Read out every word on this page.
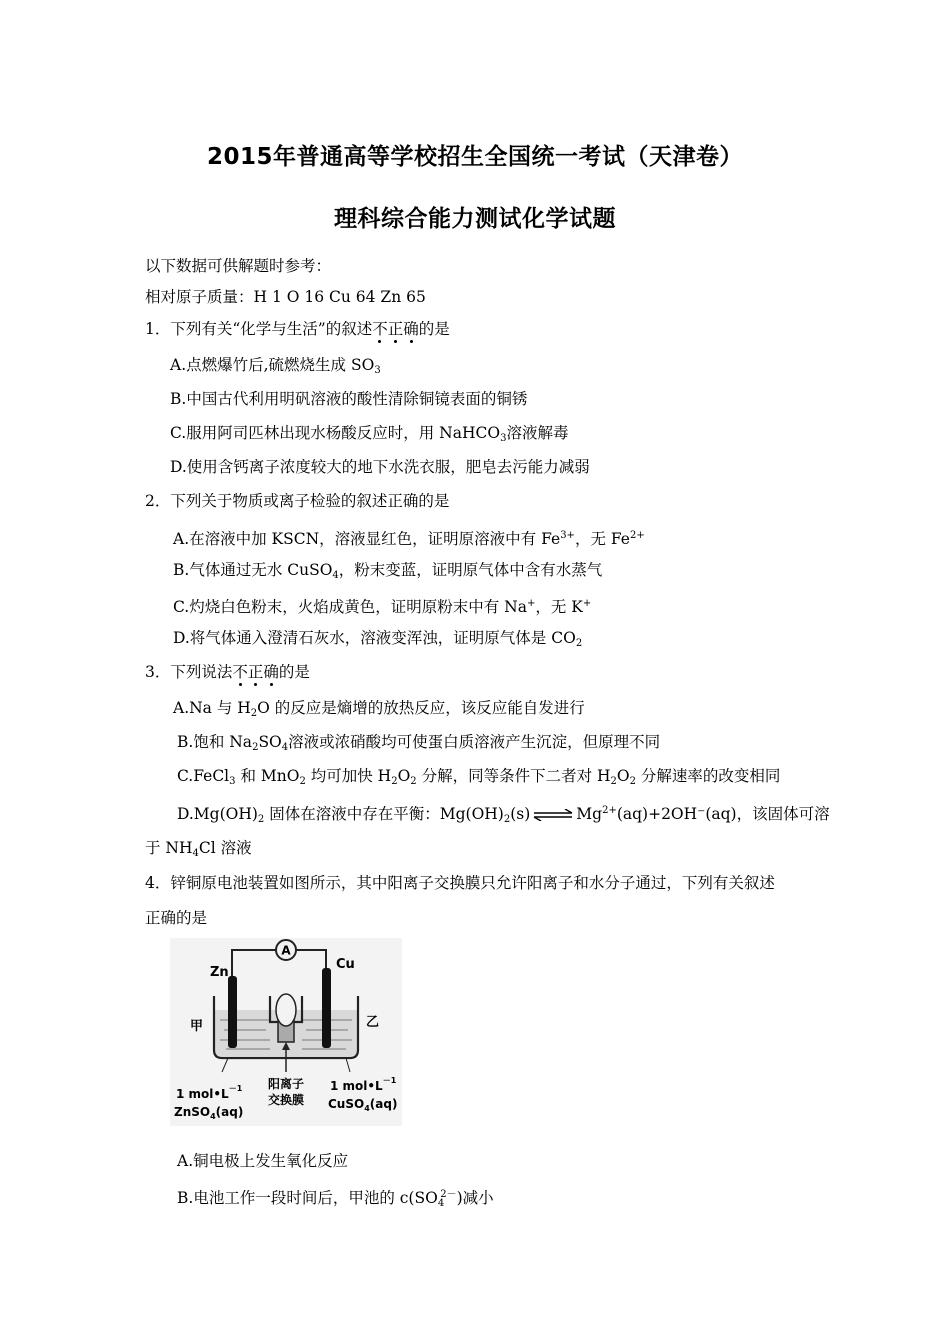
2015年普通高等学校招生全国统一考试（天津卷）
理科综合能力测试化学试题
以下数据可供解题时参考：
相对原子质量：H 1 O 16 Cu 64 Zn 65
1．下列有关“化学与生活”的叙述不正确的是
A.点燃爆竹后,硫燃烧生成 $SO_3$
B.中国古代利用明矾溶液的酸性清除铜镜表面的铜锈
C.服用阿司匹林出现水杨酸反应时，用 NaHCO$_3$溶液解毒
D.使用含钙离子浓度较大的地下水洗衣服，肥皂去污能力减弱
2．下列关于物质或离子检验的叙述正确的是
A.在溶液中加 KSCN，溶液显红色，证明原溶液中有 $Fe^{3+}$，无 $Fe^{2+}$
B.气体通过无水 CuSO$_4$，粉末变蓝，证明原气体中含有水蒸气
C.灼烧白色粉末，火焰成黄色，证明原粉末中有 Na+，无 K+
D.将气体通入澄清石灰水，溶液变浑浊，证明原气体是 $CO_2$
3．下列说法不正确的是
A.Na 与 $H_2O$ 的反应是熵增的放热反应，该反应能自发进行
B.饱和 $Na_2SO_4$溶液或浓硝酸均可使蛋白质溶液产生沉淀，但原理不同
C.FeCl$_3$ 和 MnO$_2$ 均可加快 $H_2O_2$ 分解，同等条件下二者对 $H_2O_2$ 分解速率的改变相同
$D.Mg(OH)_2$ 固体在溶液中存在平衡：$Mg(OH)_2(s)$ ⇌ $Mg^{2+}(aq)+2OH^-(aq)$，该固体可溶
于 $NH_4Cl$ 溶液
4．锌铜原电池装置如图所示，其中阳离子交换膜只允许阳离子和水分子通过，下列有关叙述
正确的是
A
Zn
Cu
甲	乙
阳离子
交换膜
1 $mol•L^{-1}$
ZnSO$_4$(aq)
1 $mol•L^{-1}$
CuSO$_4$(aq)
A.铜电极上发生氧化反应
B.电池工作一段时间后，甲池的 $c(SO_4^{2-})$减小
